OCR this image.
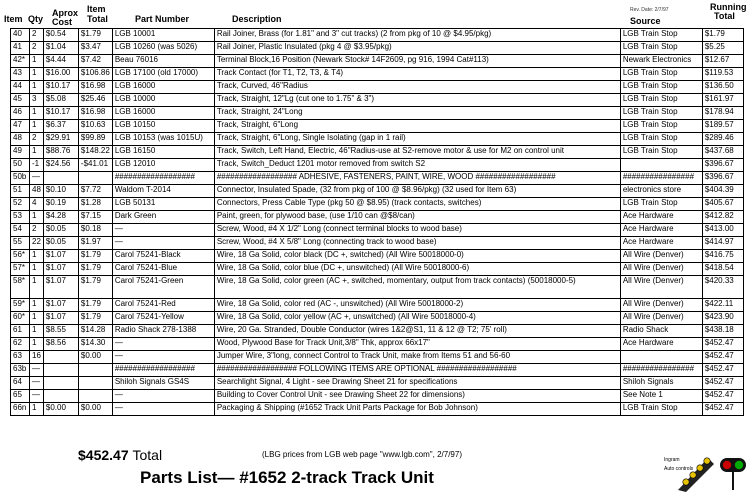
Item Qty
Aprox
Cost
Item
Total	Part Number	Description	Source
Running
Total
Rev. Date: 2/7/97
40	2	$0.54	$1.79	LGB 10001	Rail Joiner, Brass (for 1.81" and 3" cut tracks) (2 from pkg of 10 @ $4.95/pkg)	LGB Train Stop	$1.79
41	2	$1.04	$3.47	LGB 10260 (was 5026)	Rail Joiner, Plastic Insulated (pkg 4 @ $3.95/pkg)	LGB Train Stop	$5.25
42*	1	$4.44	$7.42	Beau 76016	Terminal Block,16 Position (Newark Stock# 14F2609, pg 916, 1994 Cat#113)	Newark Electronics	$12.67
43	1	$16.00	$106.86	LGB 17100 (old 17000)	Track Contact (for T1, T2, T3, & T4)	LGB Train Stop	$119.53
44	1	$10.17	$16.98	LGB 16000	Track, Curved, 46"Radius	LGB Train Stop	$136.50
45	3	$5.08	$25.46	LGB 10000	Track, Straight, 12"Lg (cut one to 1.75" & 3")	LGB Train Stop	$161.97
46	1	$10.17	$16.98	LGB 16000	Track, Straight, 24"Long	LGB Train Stop	$178.94
47	1	$6.37	$10.63	LGB 10150	Track, Straight, 6"Long	LGB Train Stop	$189.57
48	2	$29.91	$99.89	LGB 10153 (was 1015U)	Track, Straight, 6"Long, Single Isolating (gap in 1 rail)	LGB Train Stop	$289.46
49	1	$88.76	$148.22	LGB 16150	Track, Switch, Left Hand, Electric, 46"Radius-use at S2-remove motor & use for M2 on control unit	LGB Train Stop	$437.68
50	-1	$24.56	-$41.01	LGB 12010	Track, Switch_Deduct 1201 motor removed from switch S2		$396.67
50b	—			##################	################## ADHESIVE, FASTENERS, PAINT, WIRE, WOOD ##################	################	$396.67
51	48	$0.10	$7.72	Waldom T-2014	Connector, Insulated Spade, (32 from pkg of 100 @ $8.96/pkg) (32 used for Item 63)	electronics store	$404.39
52	4	$0.19	$1.28	LGB 50131	Connectors, Press Cable Type (pkg 50 @ $8.95) (track contacts, switches)	LGB Train Stop	$405.67
53	1	$4.28	$7.15	Dark Green	Paint, green, for plywood base, (use 1/10 can @$8/can)	Ace Hardware	$412.82
54	2	$0.05	$0.18	—	Screw, Wood, #4 X 1/2" Long (connect terminal blocks to wood base)	Ace Hardware	$413.00
55	22	$0.05	$1.97	—	Screw, Wood, #4 X 5/8" Long (connecting track to wood base)	Ace Hardware	$414.97
56*	1	$1.07	$1.79	Carol 75241-Black	Wire, 18 Ga Solid, color black (DC +, switched) (All Wire 50018000-0)	All Wire (Denver)	$416.75
57*	1	$1.07	$1.79	Carol 75241-Blue	Wire, 18 Ga Solid, color blue (DC +, unswitched) (All Wire 50018000-6)	All Wire (Denver)	$418.54
58*	1	$1.07	$1.79	Carol 75241-Green	Wire, 18 Ga Solid, color green (AC +, switched, momentary, output from track contacts) (50018000-5)	All Wire (Denver)	$420.33
59*	1	$1.07	$1.79	Carol 75241-Red	Wire, 18 Ga Solid, color red (AC -, unswitched) (All Wire 50018000-2)	All Wire (Denver)	$422.11
60*	1	$1.07	$1.79	Carol 75241-Yellow	Wire, 18 Ga Solid, color yellow (AC +, unswitched) (All Wire 50018000-4)	All Wire (Denver)	$423.90
61	1	$8.55	$14.28	Radio Shack 278-1388	Wire, 20 Ga. Stranded, Double Conductor (wires 1&2@S1, 11 & 12 @ T2; 75' roll)	Radio Shack	$438.18
62	1	$8.56	$14.30	—	Wood, Plywood Base for Track Unit,3/8" Thk, approx 66x17"	Ace Hardware	$452.47
63	16		$0.00	—	Jumper Wire, 3"long, connect Control to Track Unit, make from Items 51 and 56-60		$452.47
63b	—			##################	################## FOLLOWING ITEMS ARE OPTIONAL ##################	################	$452.47
64	—			Shiloh Signals GS4S	Searchlight Signal, 4 Light - see Drawing Sheet 21 for specifications	Shiloh Signals	$452.47
65	—			—	Building to Cover Control Unit - see Drawing Sheet 22 for dimensions)	See Note 1	$452.47
66n	1	$0.00	$0.00	—	Packaging & Shipping (#1652 Track Unit Parts Package for Bob Johnson)	LGB Train Stop	$452.47
$452.47 Total	(LBG prices from LGB web page "www.lgb.com", 2/7/97)
Parts List— #1652 2-track Track Unit
Ingram
Auto controls
